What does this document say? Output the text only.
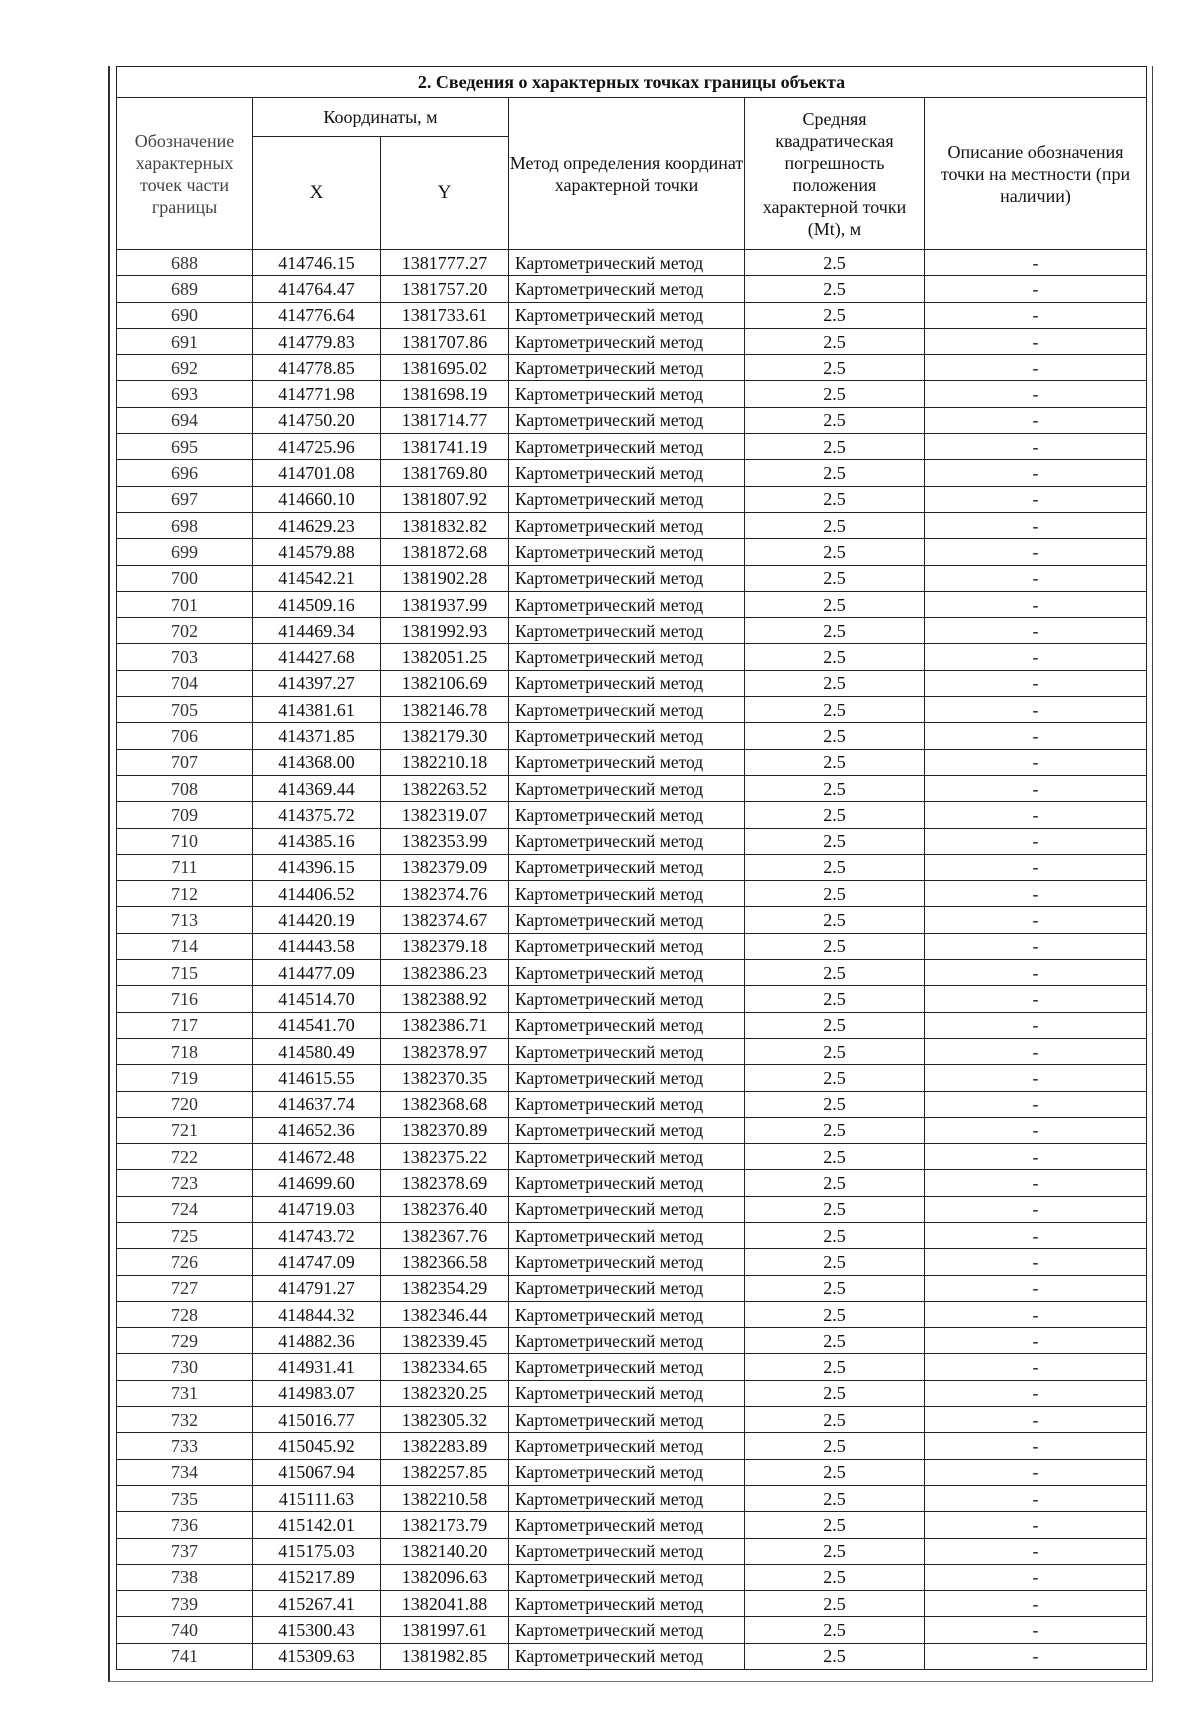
2. Сведения о характерных точках границы объекта					
Обозначение характерных точек части границы	Координаты, м		Метод определения координат характерной точки	Средняя квадратическая погрешность положения характерной точки (Mt), м	Описание обозначения точки на местности (при наличии)
	X	Y			
688	414746.15	1381777.27	Картометрический метод	2.5	-
689	414764.47	1381757.20	Картометрический метод	2.5	-
690	414776.64	1381733.61	Картометрический метод	2.5	-
691	414779.83	1381707.86	Картометрический метод	2.5	-
692	414778.85	1381695.02	Картометрический метод	2.5	-
693	414771.98	1381698.19	Картометрический метод	2.5	-
694	414750.20	1381714.77	Картометрический метод	2.5	-
695	414725.96	1381741.19	Картометрический метод	2.5	-
696	414701.08	1381769.80	Картометрический метод	2.5	-
697	414660.10	1381807.92	Картометрический метод	2.5	-
698	414629.23	1381832.82	Картометрический метод	2.5	-
699	414579.88	1381872.68	Картометрический метод	2.5	-
700	414542.21	1381902.28	Картометрический метод	2.5	-
701	414509.16	1381937.99	Картометрический метод	2.5	-
702	414469.34	1381992.93	Картометрический метод	2.5	-
703	414427.68	1382051.25	Картометрический метод	2.5	-
704	414397.27	1382106.69	Картометрический метод	2.5	-
705	414381.61	1382146.78	Картометрический метод	2.5	-
706	414371.85	1382179.30	Картометрический метод	2.5	-
707	414368.00	1382210.18	Картометрический метод	2.5	-
708	414369.44	1382263.52	Картометрический метод	2.5	-
709	414375.72	1382319.07	Картометрический метод	2.5	-
710	414385.16	1382353.99	Картометрический метод	2.5	-
711	414396.15	1382379.09	Картометрический метод	2.5	-
712	414406.52	1382374.76	Картометрический метод	2.5	-
713	414420.19	1382374.67	Картометрический метод	2.5	-
714	414443.58	1382379.18	Картометрический метод	2.5	-
715	414477.09	1382386.23	Картометрический метод	2.5	-
716	414514.70	1382388.92	Картометрический метод	2.5	-
717	414541.70	1382386.71	Картометрический метод	2.5	-
718	414580.49	1382378.97	Картометрический метод	2.5	-
719	414615.55	1382370.35	Картометрический метод	2.5	-
720	414637.74	1382368.68	Картометрический метод	2.5	-
721	414652.36	1382370.89	Картометрический метод	2.5	-
722	414672.48	1382375.22	Картометрический метод	2.5	-
723	414699.60	1382378.69	Картометрический метод	2.5	-
724	414719.03	1382376.40	Картометрический метод	2.5	-
725	414743.72	1382367.76	Картометрический метод	2.5	-
726	414747.09	1382366.58	Картометрический метод	2.5	-
727	414791.27	1382354.29	Картометрический метод	2.5	-
728	414844.32	1382346.44	Картометрический метод	2.5	-
729	414882.36	1382339.45	Картометрический метод	2.5	-
730	414931.41	1382334.65	Картометрический метод	2.5	-
731	414983.07	1382320.25	Картометрический метод	2.5	-
732	415016.77	1382305.32	Картометрический метод	2.5	-
733	415045.92	1382283.89	Картометрический метод	2.5	-
734	415067.94	1382257.85	Картометрический метод	2.5	-
735	415111.63	1382210.58	Картометрический метод	2.5	-
736	415142.01	1382173.79	Картометрический метод	2.5	-
737	415175.03	1382140.20	Картометрический метод	2.5	-
738	415217.89	1382096.63	Картометрический метод	2.5	-
739	415267.41	1382041.88	Картометрический метод	2.5	-
740	415300.43	1381997.61	Картометрический метод	2.5	-
741	415309.63	1381982.85	Картометрический метод	2.5	-
